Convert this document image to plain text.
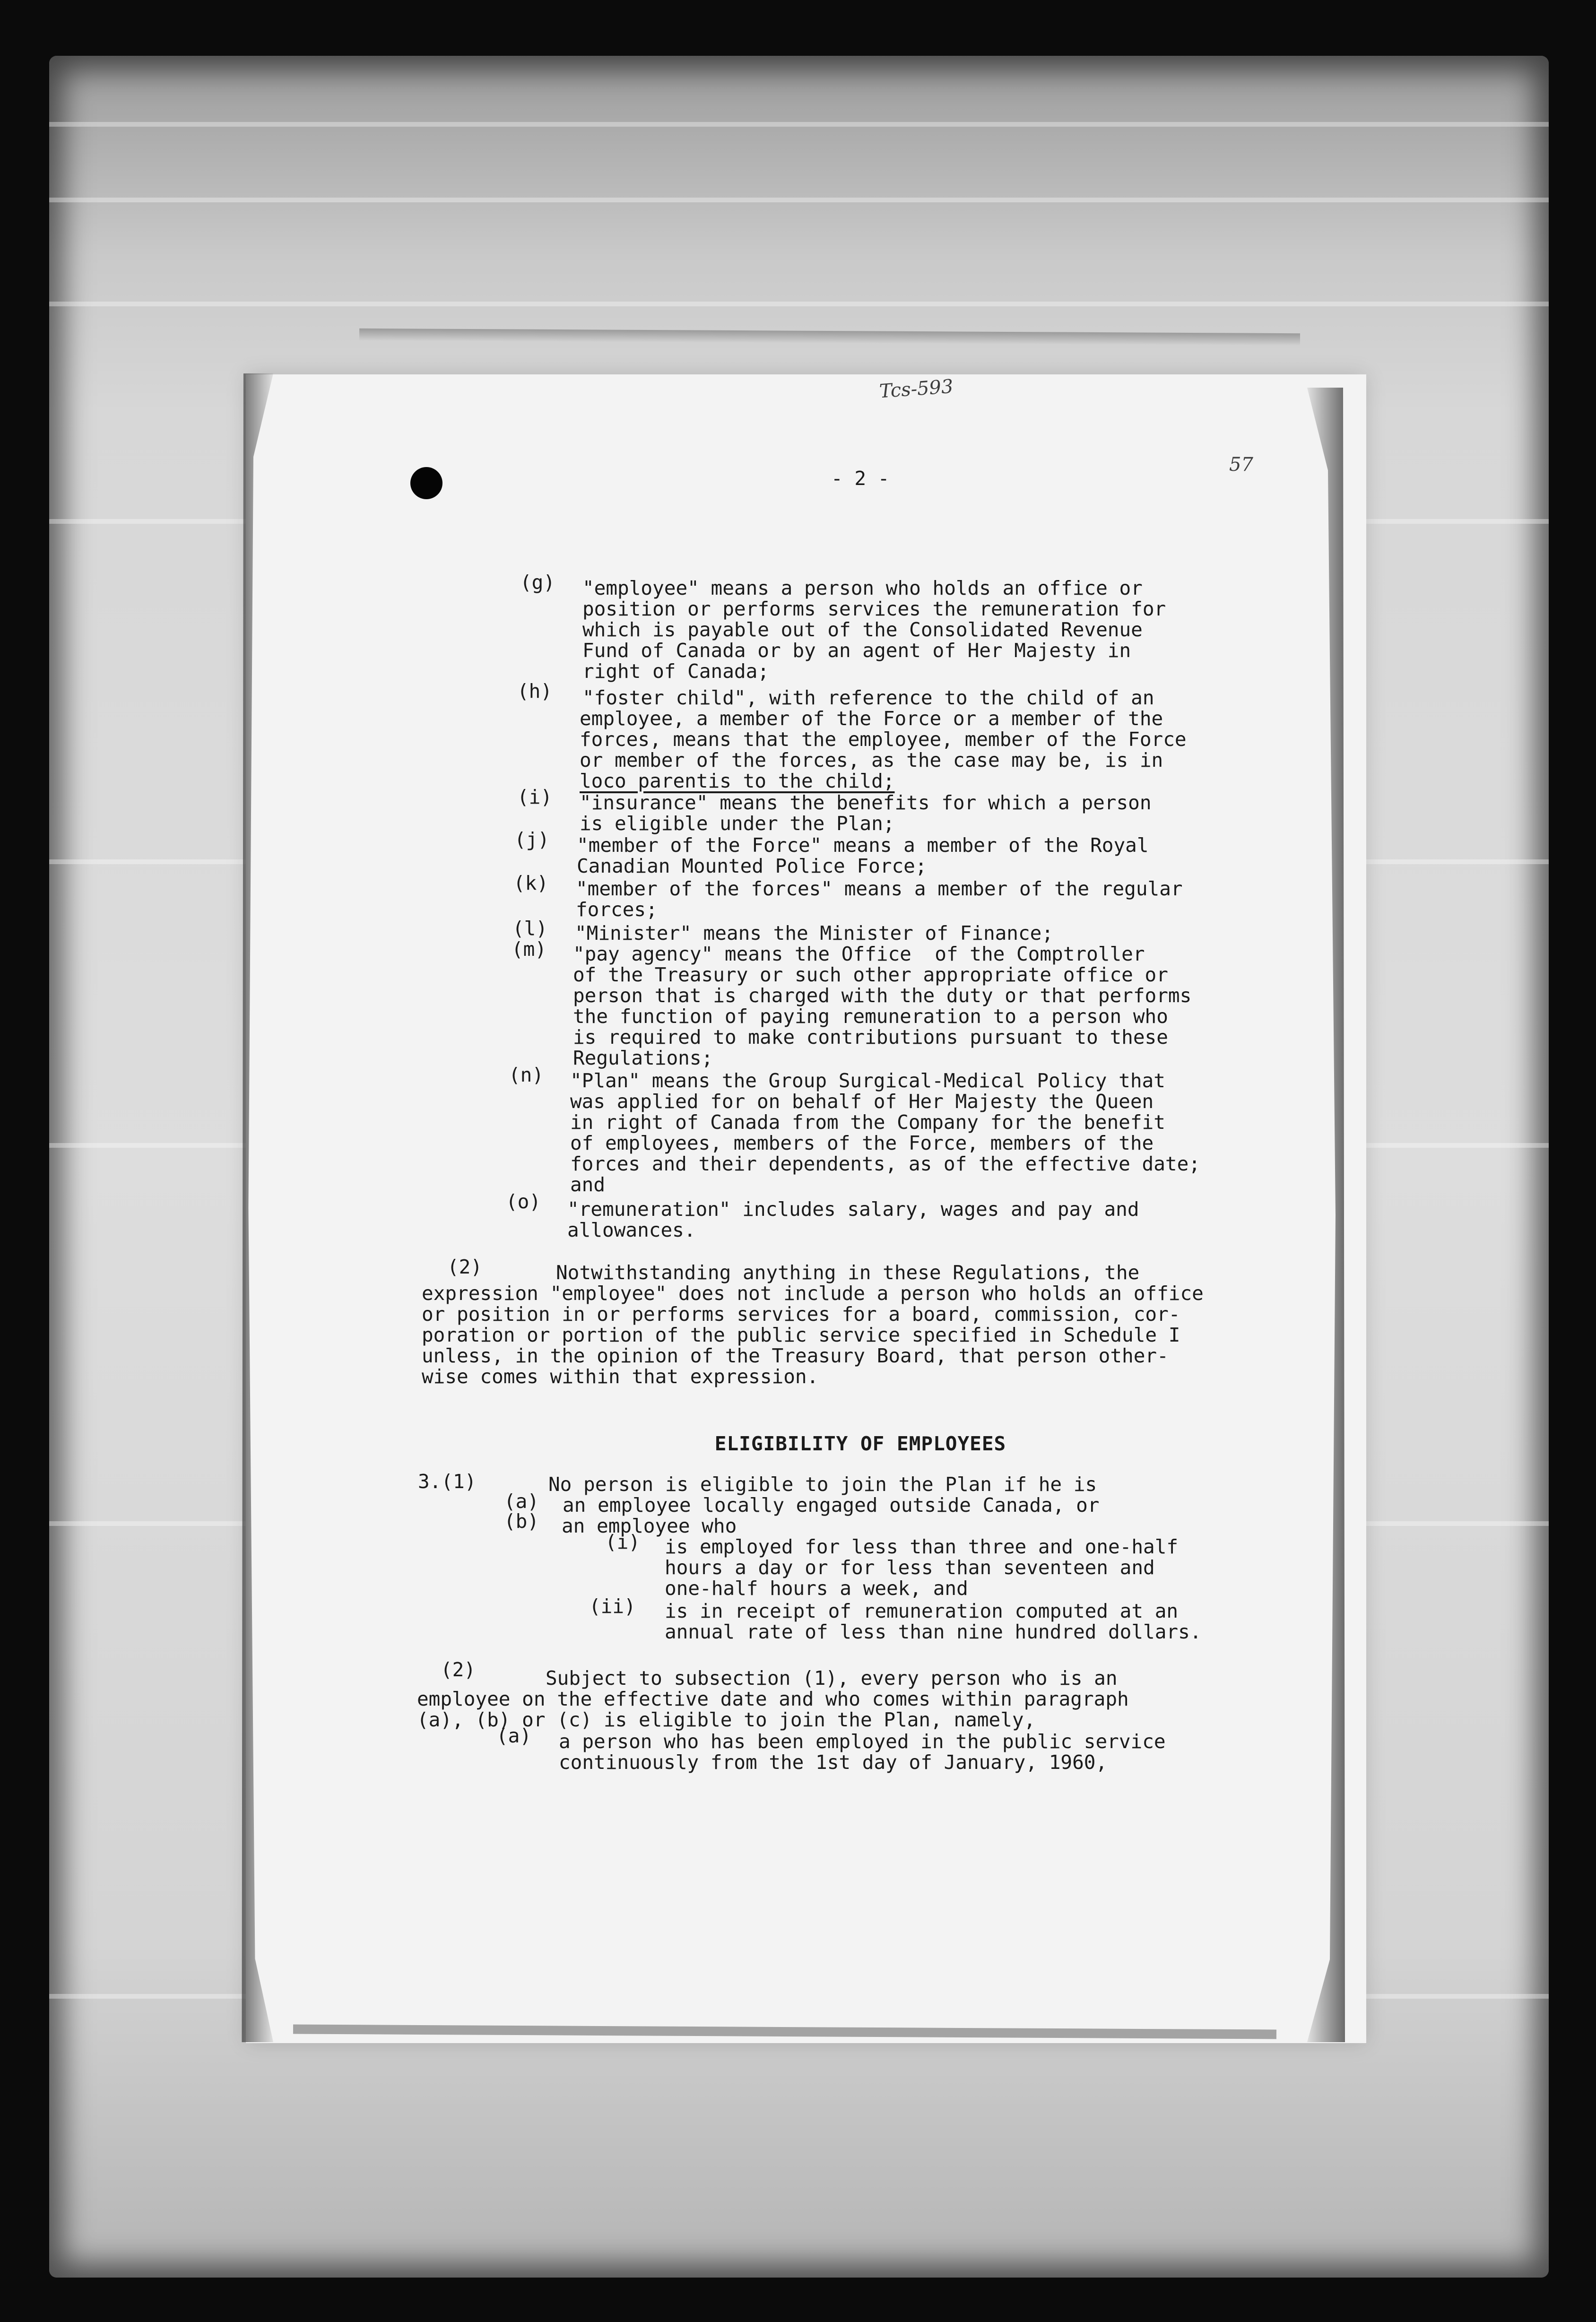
Tcs-593
57
- 2 -
(g) "employee" means a person who holds an office or
position or performs services the remuneration for
which is payable out of the Consolidated Revenue
Fund of Canada or by an agent of Her Majesty in
right of Canada;
(h) "foster child", with reference to the child of an
employee, a member of the Force or a member of the
forces, means that the employee, member of the Force
or member of the forces, as the case may be, is in
loco parentis to the child;
(i) "insurance" means the benefits for which a person
is eligible under the Plan;
(j) "member of the Force" means a member of the Royal
Canadian Mounted Police Force;
(k) "member of the forces" means a member of the regular
forces;
(l) "Minister" means the Minister of Finance;
(m) "pay agency" means the Office  of the Comptroller
of the Treasury or such other appropriate office or
person that is charged with the duty or that performs
the function of paying remuneration to a person who
is required to make contributions pursuant to these
Regulations;
(n) "Plan" means the Group Surgical-Medical Policy that
was applied for on behalf of Her Majesty the Queen
in right of Canada from the Company for the benefit
of employees, members of the Force, members of the
forces and their dependents, as of the effective date;
and
(o) "remuneration" includes salary, wages and pay and
allowances.
(2)	Notwithstanding anything in these Regulations, the
expression "employee" does not include a person who holds an office
or position in or performs services for a board, commission, cor-
poration or portion of the public service specified in Schedule I
unless, in the opinion of the Treasury Board, that person other-
wise comes within that expression.
ELIGIBILITY OF EMPLOYEES
3.(1)	No person is eligible to join the Plan if he is
(a) an employee locally engaged outside Canada, or
(b) an employee who
(i) is employed for less than three and one-half
hours a day or for less than seventeen and
one-half hours a week, and
(ii) is in receipt of remuneration computed at an
annual rate of less than nine hundred dollars.
(2)	Subject to subsection (1), every person who is an
employee on the effective date and who comes within paragraph
(a), (b) or (c) is eligible to join the Plan, namely,
(a) a person who has been employed in the public service
continuously from the 1st day of January, 1960,
